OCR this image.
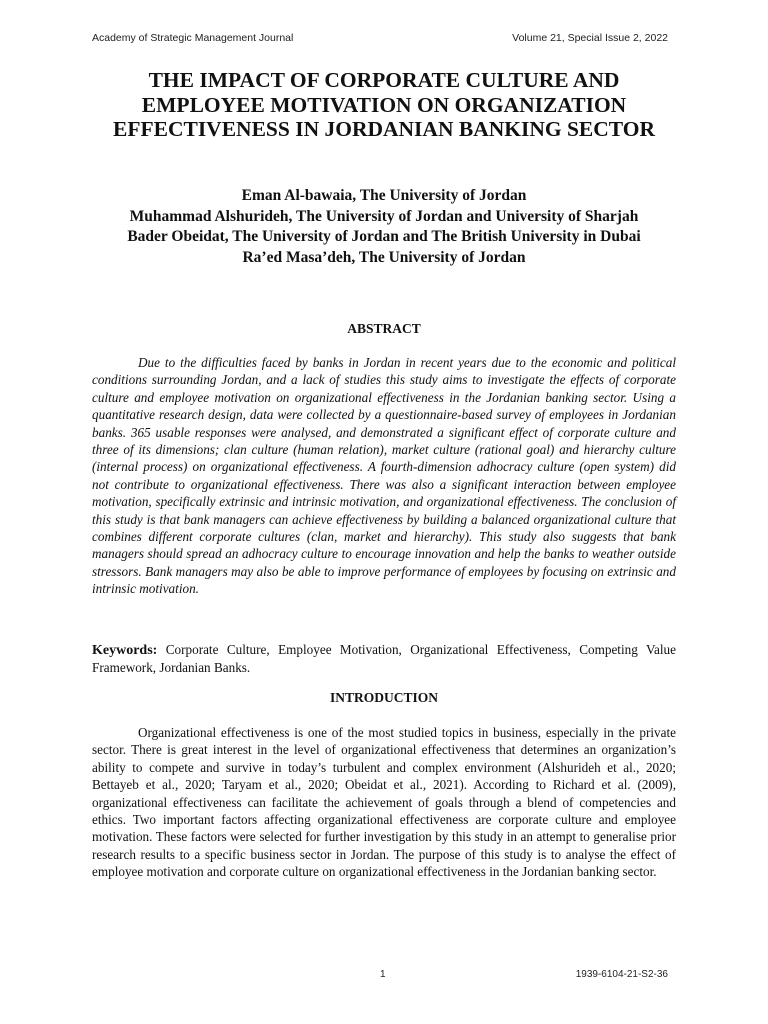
Academy of Strategic Management Journal	Volume 21, Special Issue 2, 2022
THE IMPACT OF CORPORATE CULTURE AND EMPLOYEE MOTIVATION ON ORGANIZATION EFFECTIVENESS IN JORDANIAN BANKING SECTOR
Eman Al-bawaia, The University of Jordan
Muhammad Alshurideh, The University of Jordan and University of Sharjah
Bader Obeidat, The University of Jordan and The British University in Dubai
Ra’ed Masa’deh, The University of Jordan
ABSTRACT

Due to the difficulties faced by banks in Jordan in recent years due to the economic and political conditions surrounding Jordan, and a lack of studies this study aims to investigate the effects of corporate culture and employee motivation on organizational effectiveness in the Jordanian banking sector. Using a quantitative research design, data were collected by a questionnaire-based survey of employees in Jordanian banks. 365 usable responses were analysed, and demonstrated a significant effect of corporate culture and three of its dimensions; clan culture (human relation), market culture (rational goal) and hierarchy culture (internal process) on organizational effectiveness. A fourth-dimension adhocracy culture (open system) did not contribute to organizational effectiveness. There was also a significant interaction between employee motivation, specifically extrinsic and intrinsic motivation, and organizational effectiveness. The conclusion of this study is that bank managers can achieve effectiveness by building a balanced organizational culture that combines different corporate cultures (clan, market and hierarchy). This study also suggests that bank managers should spread an adhocracy culture to encourage innovation and help the banks to weather outside stressors. Bank managers may also be able to improve performance of employees by focusing on extrinsic and intrinsic motivation.

Keywords: Corporate Culture, Employee Motivation, Organizational Effectiveness, Competing Value Framework, Jordanian Banks.

INTRODUCTION

Organizational effectiveness is one of the most studied topics in business, especially in the private sector. There is great interest in the level of organizational effectiveness that determines an organization’s ability to compete and survive in today’s turbulent and complex environment (Alshurideh et al., 2020; Bettayeb et al., 2020; Taryam et al., 2020; Obeidat et al., 2021). According to Richard et al. (2009), organizational effectiveness can facilitate the achievement of goals through a blend of competencies and ethics. Two important factors affecting organizational effectiveness are corporate culture and employee motivation. These factors were selected for further investigation by this study in an attempt to generalise prior research results to a specific business sector in Jordan. The purpose of this study is to analyse the effect of employee motivation and corporate culture on organizational effectiveness in the Jordanian banking sector.

1	1939-6104-21-S2-36
